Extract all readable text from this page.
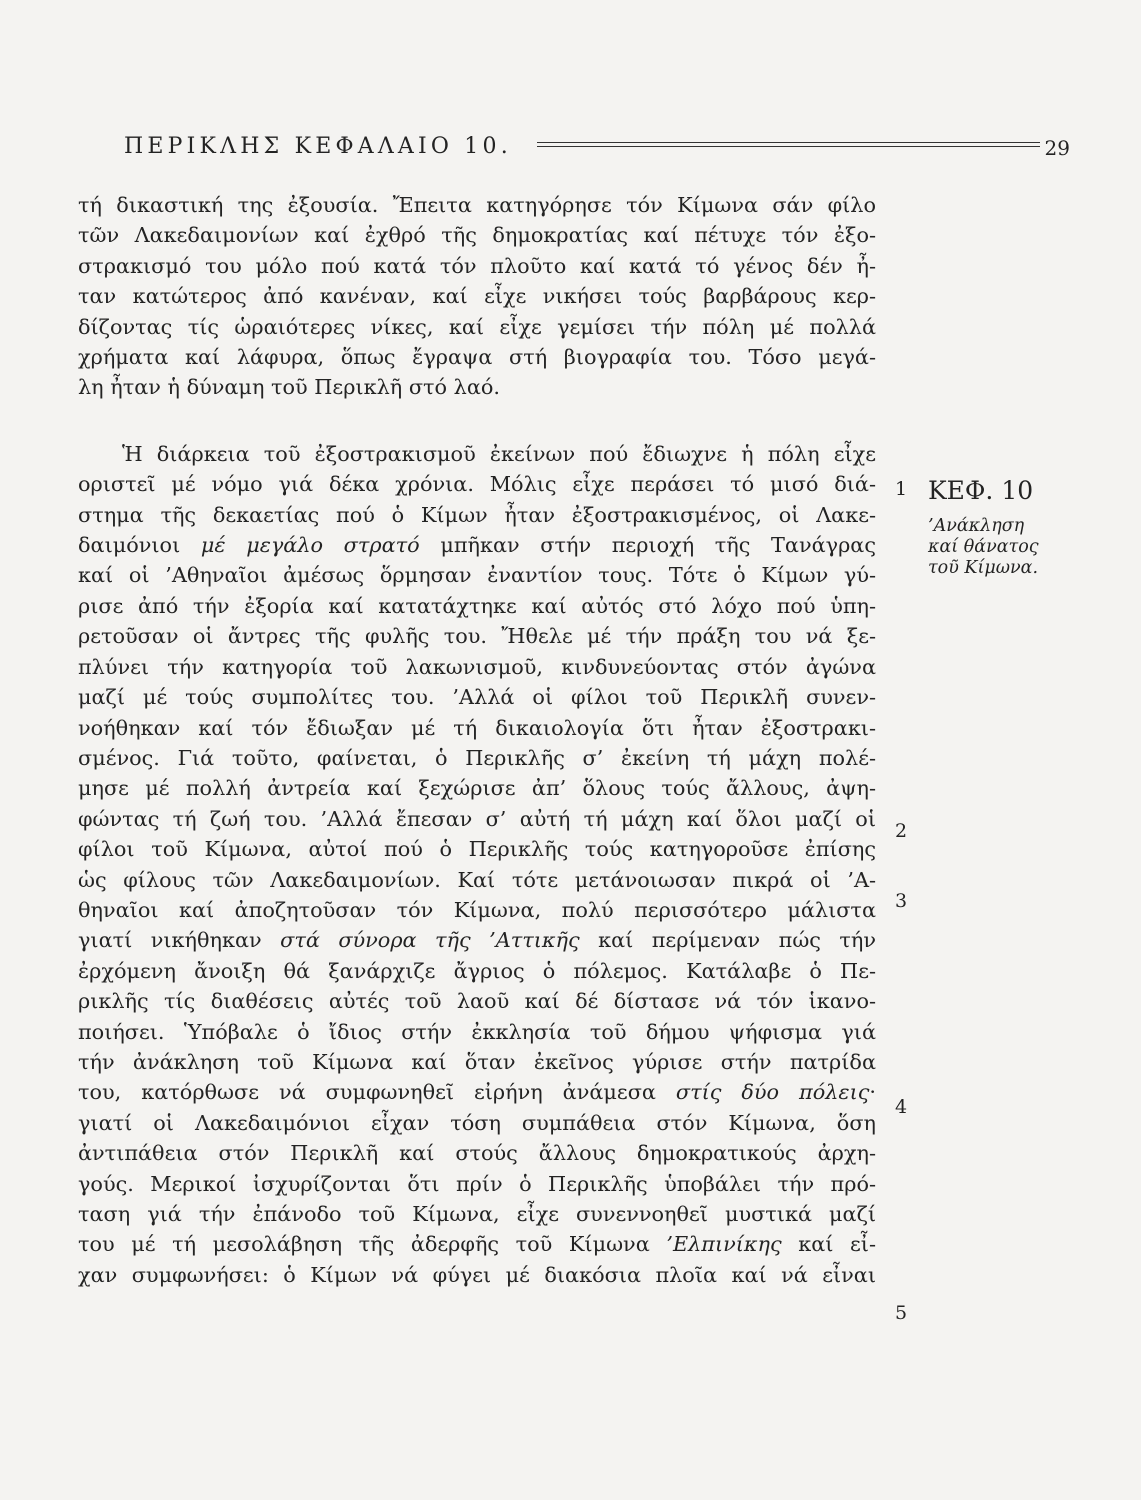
ΠΕΡΙΚΛΗΣ ΚΕΦΑΛΑΙΟ 10.	29

τή δικαστική της ἐξουσία. Ἔπειτα κατηγόρησε τόν Κίμωνα σάν φίλο
τῶν Λακεδαιμονίων καί ἐχθρό τῆς δημοκρατίας καί πέτυχε τόν ἐξο-
στρακισμό του μόλο πού κατά τόν πλοῦτο καί κατά τό γένος δέν ἦ-
ταν κατώτερος ἀπό κανέναν, καί εἶχε νικήσει τούς βαρβάρους κερ-
δίζοντας τίς ὡραιότερες νίκες, καί εἶχε γεμίσει τήν πόλη μέ πολλά
χρήματα καί λάφυρα, ὅπως ἔγραψα στή βιογραφία του. Τόσο μεγά-
λη ἦταν ἡ δύναμη τοῦ Περικλῆ στό λαό.

Ἡ διάρκεια τοῦ ἐξοστρακισμοῦ ἐκείνων πού ἔδιωχνε ἡ πόλη εἶχε
οριστεῖ μέ νόμο γιά δέκα χρόνια. Μόλις εἶχε περάσει τό μισό διά-
στημα τῆς δεκαετίας πού ὁ Κίμων ἦταν ἐξοστρακισμένος, οἱ Λακε-
δαιμόνιοι μέ μεγάλο στρατό μπῆκαν στήν περιοχή τῆς Τανάγρας
καί οἱ ’Αθηναῖοι ἀμέσως ὅρμησαν ἐναντίον τους. Τότε ὁ Κίμων γύ-
ρισε ἀπό τήν ἐξορία καί κατατάχτηκε καί αὐτός στό λόχο πού ὑπη-
ρετοῦσαν οἱ ἄντρες τῆς φυλῆς του. Ἤθελε μέ τήν πράξη του νά ξε-
πλύνει τήν κατηγορία τοῦ λακωνισμοῦ, κινδυνεύοντας στόν ἀγώνα
μαζί μέ τούς συμπολίτες του. ’Αλλά οἱ φίλοι τοῦ Περικλῆ συνεν-
νοήθηκαν καί τόν ἔδιωξαν μέ τή δικαιολογία ὅτι ἦταν ἐξοστρακι-
σμένος. Γιά τοῦτο, φαίνεται, ὁ Περικλῆς σ’ ἐκείνη τή μάχη πολέ-
μησε μέ πολλή ἀντρεία καί ξεχώρισε ἀπ’ ὅλους τούς ἄλλους, ἀψη-
φώντας τή ζωή του. ’Αλλά ἔπεσαν σ’ αὐτή τή μάχη καί ὅλοι μαζί οἱ
φίλοι τοῦ Κίμωνα, αὐτοί πού ὁ Περικλῆς τούς κατηγοροῦσε ἐπίσης
ὡς φίλους τῶν Λακεδαιμονίων. Καί τότε μετάνοιωσαν πικρά οἱ ’Α-
θηναῖοι καί ἀποζητοῦσαν τόν Κίμωνα, πολύ περισσότερο μάλιστα
γιατί νικήθηκαν στά σύνορα τῆς ’Αττικῆς καί περίμεναν πώς τήν
ἐρχόμενη ἄνοιξη θά ξανάρχιζε ἄγριος ὁ πόλεμος. Κατάλαβε ὁ Πε-
ρικλῆς τίς διαθέσεις αὐτές τοῦ λαοῦ καί δέ δίστασε νά τόν ἱκανο-
ποιήσει. Ὑπόβαλε ὁ ἴδιος στήν ἐκκλησία τοῦ δήμου ψήφισμα γιά
τήν ἀνάκληση τοῦ Κίμωνα καί ὅταν ἐκεῖνος γύρισε στήν πατρίδα
του, κατόρθωσε νά συμφωνηθεῖ εἰρήνη ἀνάμεσα στίς δύο πόλεις·
γιατί οἱ Λακεδαιμόνιοι εἶχαν τόση συμπάθεια στόν Κίμωνα, ὅση
ἀντιπάθεια στόν Περικλῆ καί στούς ἄλλους δημοκρατικούς ἀρχη-
γούς. Μερικοί ἰσχυρίζονται ὅτι πρίν ὁ Περικλῆς ὑποβάλει τήν πρό-
ταση γιά τήν ἐπάνοδο τοῦ Κίμωνα, εἶχε συνεννοηθεῖ μυστικά μαζί
του μέ τή μεσολάβηση τῆς ἀδερφῆς τοῦ Κίμωνα ’Ελπινίκης καί εἶ-
χαν συμφωνήσει: ὁ Κίμων νά φύγει μέ διακόσια πλοῖα καί νά εἶναι

1
2
3
4
5
ΚΕΦ. 10
’Ανάκληση
καί θάνατος
τοῦ Κίμωνα.
